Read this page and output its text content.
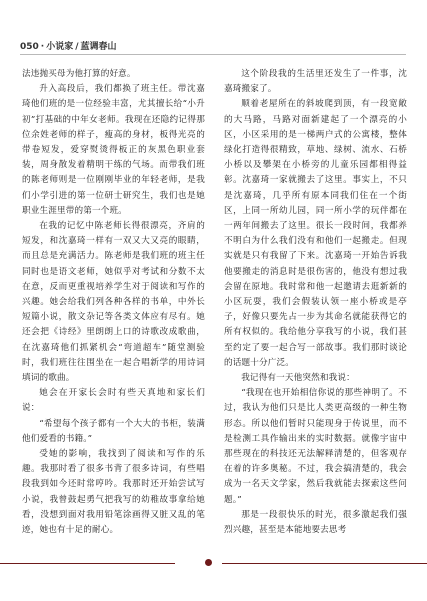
050 · 小说家 / 蓝调春山

法违抛买母为他打算的好意。

升入高段后，我们都换了班主任。带沈嘉琦他们班的是一位经验丰富，尤其擅长给“小升初”打基础的中年女老师。我现在还隐约记得那位余姓老师的样子，瘦高的身材，板得光亮的带卷短发，爱穿熨烫得板正的灰黑色职业套装，周身散发着精明干练的气场。而带我们班的陈老师则是一位刚刚毕业的年轻老师，是我们小学引进的第一位研士研究生，我们也是她职业生涯里带的第一个班。

在我的记忆中陈老师长得很漂亮，齐肩的短发，和沈嘉琦一样有一双又大又亮的眼睛，而且总是充满活力。陈老师是我们班的班主任同时也是语文老师，她似乎对考试和分数不太在意，反而更重视培养学生对于阅读和写作的兴趣。她会给我们列各种各样的书单，中外长短篇小说，散文杂记等各类文体应有尽有。她还会把《诗经》里朗朗上口的诗歌改成歌曲，在沈嘉琦他们抓紧机会“弯道超车”随堂测验时，我们班往往围坐在一起合唱新学的用诗词填词的歌曲。

她会在开家长会时有些天真地和家长们说：

“希望每个孩子都有一个大大的书柜，装满他们爱看的书籍。”

受她的影响，我找到了阅读和写作的乐趣。我那时看了很多书背了很多诗词，有些唱段我到如今还时常哼吟。我那时还开始尝试写小说，我曾鼓起勇气把我写的幼稚故事拿给她看，没想到面对我用铅笔涂画得又脏又乱的笔迹，她也有十足的耐心。

这个阶段我的生活里还发生了一件事，沈嘉琦搬家了。

顺着老屋所在的斜坡爬到顶，有一段宽敞的大马路，马路对面新建起了一个漂亮的小区，小区采用的是一梯两户式的公寓楼，整体绿化打造得很精致，草地、绿树、流水、石桥小桥以及攀架在小桥旁的儿童乐园都相得益彰。沈嘉琦一家就搬去了这里。事实上，不只是沈嘉琦，几乎所有原本同我们住在一个街区，上同一所幼儿园，同一所小学的玩伴都在一两年间搬去了这里。很长一段时间，我都养不明白为什么我们没有和他们一起搬走。但现实就是只有我留了下来。沈嘉琦一开始告诉我他要搬走的消息时是很伤害的，他没有想过我会留在原地。我时常和他一起邀请去逛新新的小区玩耍，我们会假装认领一座小桥或是亭子，好像只要先占一步为其命名就能获得它的所有权似的。我给他分享我写的小说，我们甚至约定了要一起合写一部故事。我们那时谈论的话题十分广泛。

我记得有一天他突然和我说：

“我现在也开始相信你说的那些神明了。不过，我认为他们只是比人类更高级的一种生物形态。所以他们暂时只能现身于传说里，而不是检测工具作输出来的实时数据。就像宇宙中那些现在的科技还无法解释清楚的，但客观存在着的许多奥秘。不过，我会搞清楚的，我会成为一名天文学家，然后我就能去探索这些问题。”

那是一段很快乐的时光，很多激起我们强烈兴趣，甚至是本能地要去思考
